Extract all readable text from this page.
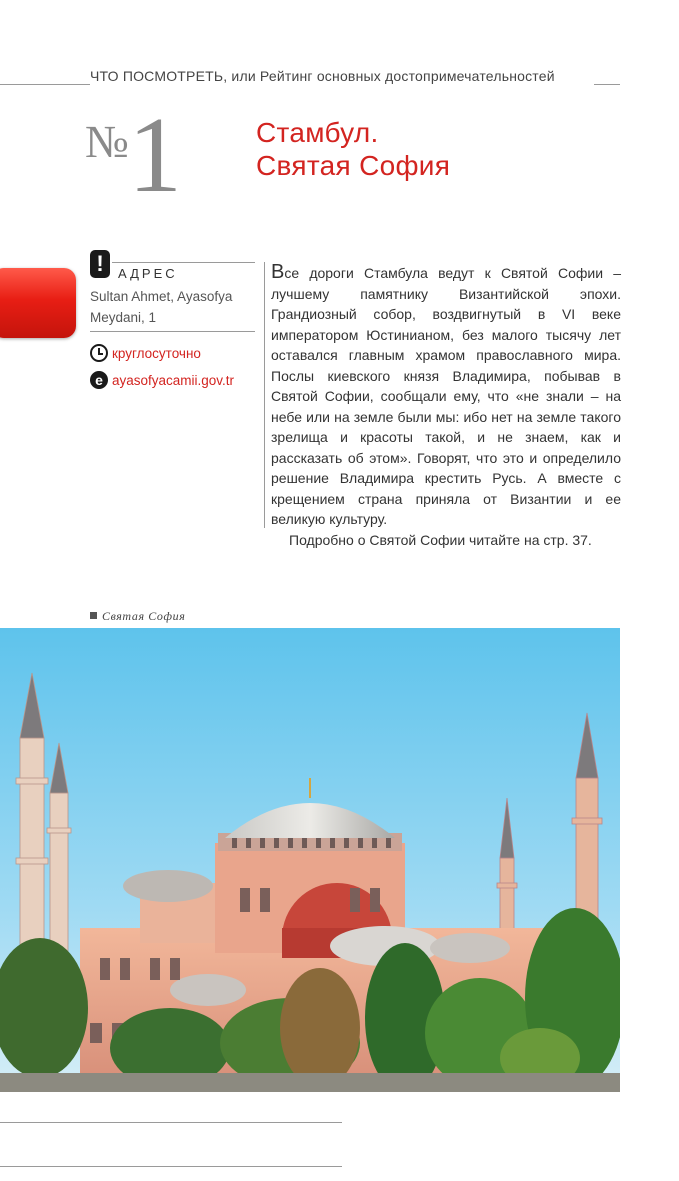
ЧТО ПОСМОТРЕТЬ, или Рейтинг основных достопримечательностей
№ 1	Стамбул.
Святая София
!	АДРЕС
Sultan Ahmet, Ayasofya Meydani, 1
круглосуточно
e ayasofyacamii.gov.tr

Все дороги Стамбула ведут к Святой Софии – лучшему памятнику Византийской эпохи. Грандиозный собор, воздвигнутый в VI веке императором Юстинианом, без малого тысячу лет оставался главным храмом православного мира. Послы киевского князя Владимира, побывав в Святой Софии, сообщали ему, что «не знали – на небе или на земле были мы: ибо нет на земле такого зрелища и красоты такой, и не знаем, как и рассказать об этом». Говорят, что это и определило решение Владимира крестить Русь. А вместе с крещением страна приняла от Византии и ее великую культуру.

Подробно о Святой Софии читайте на стр. 37.

Святая София
